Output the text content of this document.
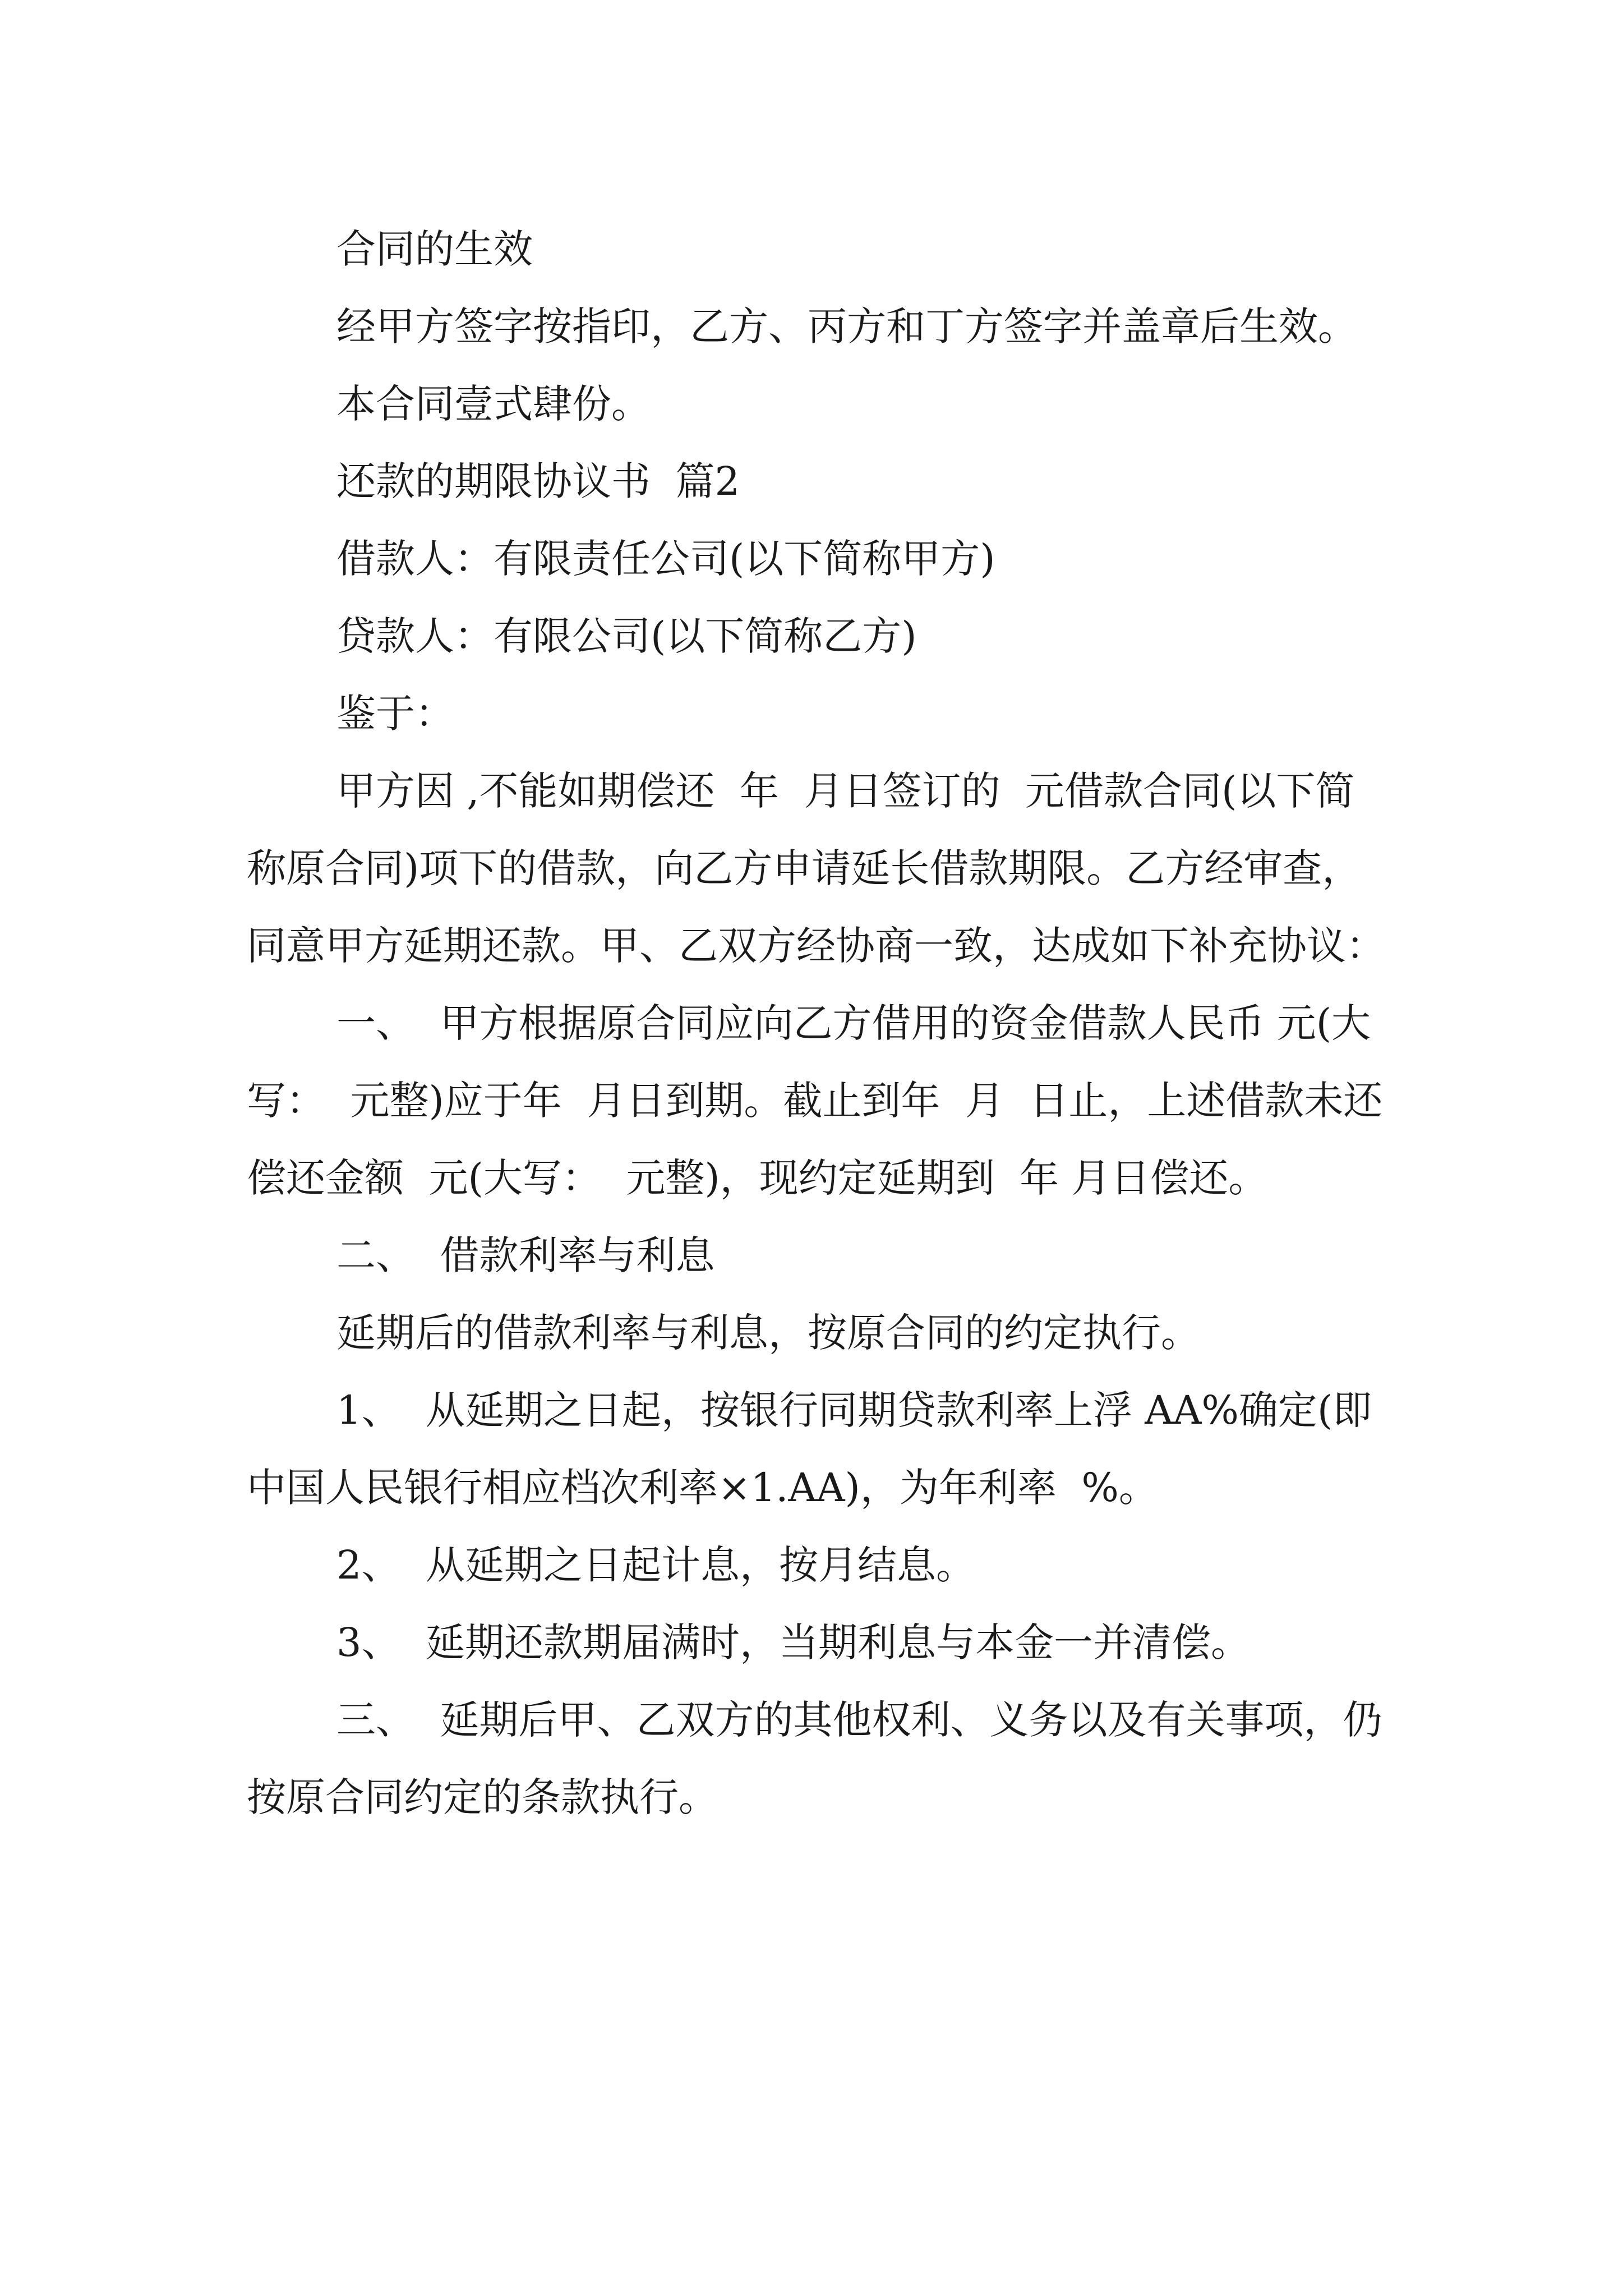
合同的生效

经甲方签字按指印，乙方、丙方和丁方签字并盖章后生效。

本合同壹式肆份。

还款的期限协议书  篇2

借款人：有限责任公司(以下简称甲方)

贷款人：有限公司(以下简称乙方)

鉴于：

甲方因 ,不能如期偿还  年  月日签订的  元借款合同(以下简称原合同)项下的借款，向乙方申请延长借款期限。乙方经审查，同意甲方延期还款。甲、乙双方经协商一致，达成如下补充协议：

一、  甲方根据原合同应向乙方借用的资金借款人民币 元(大写：  元整)应于年  月日到期。截止到年  月  日止，上述借款未还偿还金额  元(大写：  元整)，现约定延期到  年 月日偿还。

二、  借款利率与利息

延期后的借款利率与利息，按原合同的约定执行。

1、  从延期之日起，按银行同期贷款利率上浮 AA%确定(即中国人民银行相应档次利率×1.AA)，为年利率  %。

2、  从延期之日起计息，按月结息。

3、  延期还款期届满时，当期利息与本金一并清偿。

三、  延期后甲、乙双方的其他权利、义务以及有关事项，仍按原合同约定的条款执行。
